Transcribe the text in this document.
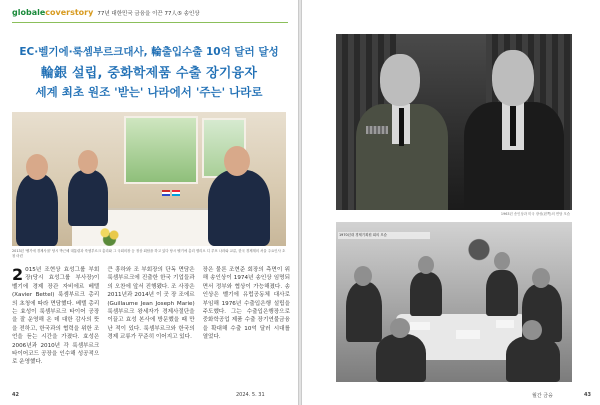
globalecoverstory 77년 대한민국 금융을 이끈 77人⑤ 송인상
EC·벨기에·룩셈부르크대사, 輪출입수출 10억 달러 달성
輪銀 설립, 중화학제품 수출 장기융자
세계 최초 원조 '받는' 나라에서 '주는' 나라로
2013년 '벨기에 경제사절' 당시 박근혜 대통령과 룩셈부르크 총리와 그 국회의장 등 정상 회담을 하고 있다 당시 벨기에 총리 엘리오 디 루포 나라와 교류, 한국 경제계의 서울 주요인사 초청 마련
2 015년 조현상 효성그룹 부회장(당시 효성그룹 부사장)이 벨기에 경제 장관 자비에르 베텔(Xavier Bettel) 룩셈부르크 총리의 초청에 따라 면담했다. 베텔 총리는 효성이 룩셈부르크 타이어 공장을 잘 운영해 온 데 대한 감사의 뜻을 전하고, 한국과의 협력을 위한 조언을 듣는 시간을 가졌다. 효성은 2006년과 2010년 각 룩셈부르크 타이어코드 공장을 인수해 성공적으로 운영했다.
큰 흥하와 조 부회장의 단독 면담은 룩셈부르크에 진출한 한국 기업들과의 오찬에 앞서 진행됐다. 조 사장은 2011년과 2014년 이 곳 장 조에르(Guillaume Jean Joseph Marie) 룩셈부르크 왕세자가 경제사절단을 이끌고 효성 본사에 방문했을 때 만난 적이 있다. 룩셈부르크와 한국의 경제 교류가 꾸준히 이어지고 있다.
장은 물론 조현준 회장의 측면이 위해 송인상이 1974년 송인상 임명되면서 정부와 협상이 가능해졌다. 송인상은 벨기에 유럽공동체 대사로 부임해 1976년 수출입은행 설립을 주도했다. 그는 수출입은행장으로 중화학공업 제품 수출 장기연불금융을 확대해 수출 10억 달러 시대를 열었다.
42	2024. 5. 31
1963년 송인상과 미국 장성(왼쪽)의 면담 모습
1970년대 경제기획원 회의 모습
월간 금융	43
